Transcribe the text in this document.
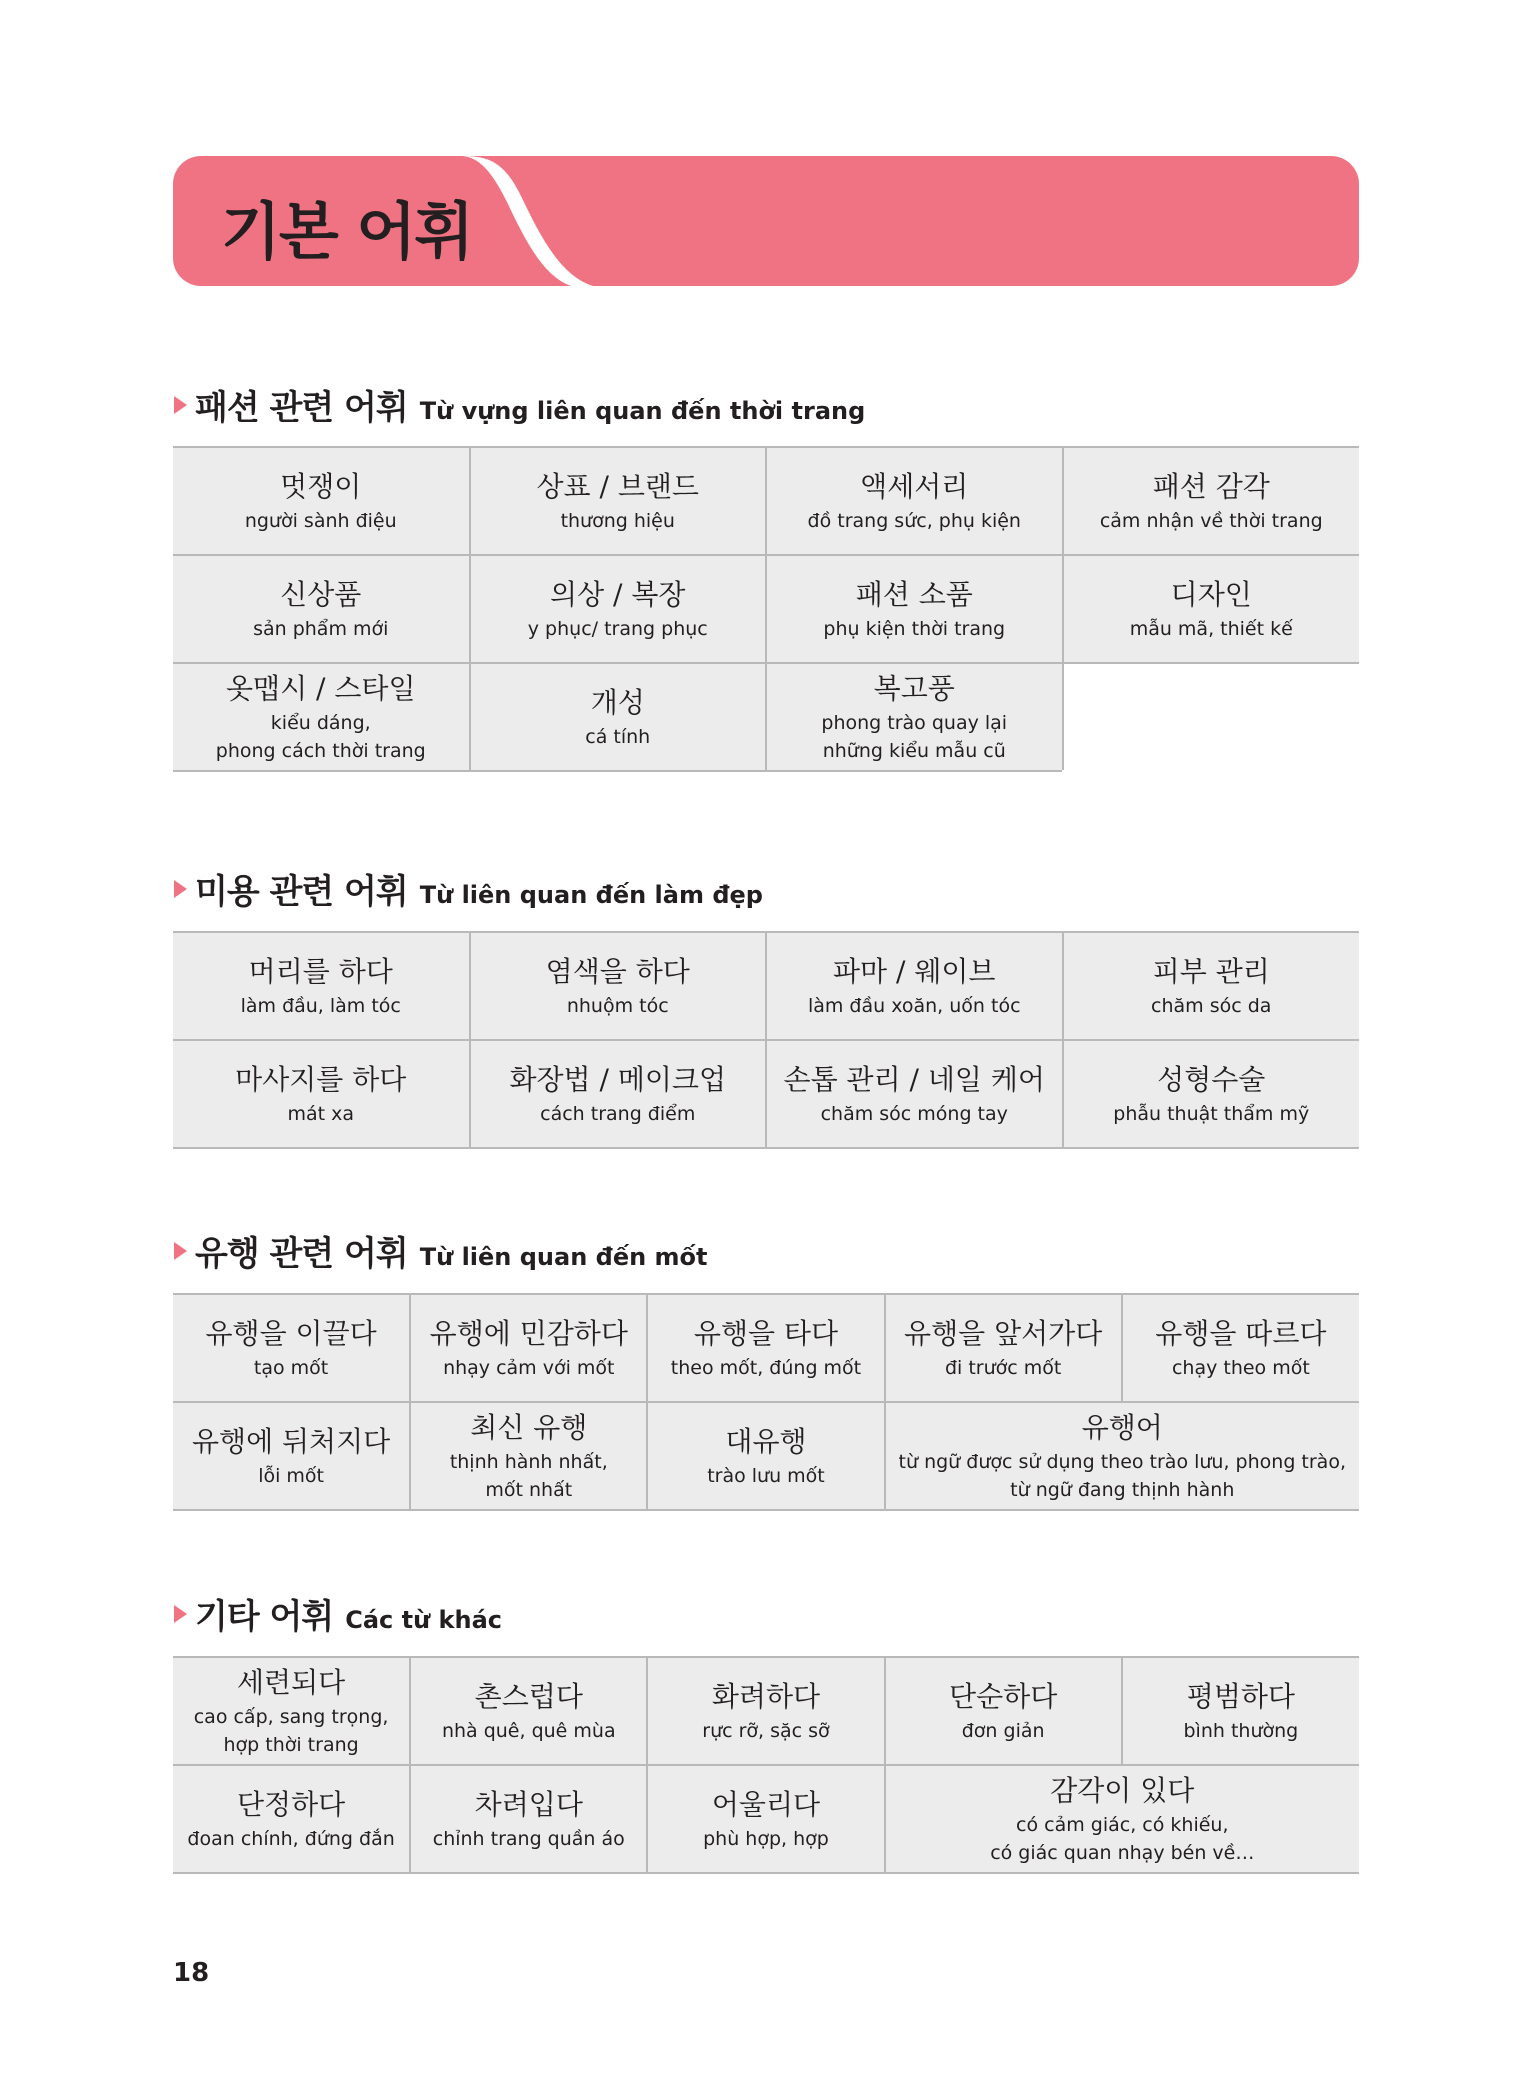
기본 어휘
패션 관련 어휘 Từ vựng liên quan đến thời trang
멋쟁이
người sành điệu	상표 / 브랜드
thương hiệu	액세서리
đồ trang sức, phụ kiện	패션 감각
cảm nhận về thời trang

신상품
sản phẩm mới	의상 / 복장
y phục/ trang phục	패션 소품
phụ kiện thời trang	디자인
mẫu mã, thiết kế

옷맵시 / 스타일
kiểu dáng,
phong cách thời trang	개성
cá tính	복고풍
phong trào quay lại
những kiểu mẫu cũ	

미용 관련 어휘 Từ liên quan đến làm đẹp
머리를 하다
làm đầu, làm tóc	염색을 하다
nhuộm tóc	파마 / 웨이브
làm đầu xoăn, uốn tóc	피부 관리
chăm sóc da

마사지를 하다
mát xa	화장법 / 메이크업
cách trang điểm	손톱 관리 / 네일 케어
chăm sóc móng tay	성형수술
phẫu thuật thẩm mỹ
유행 관련 어휘 Từ liên quan đến mốt
유행을 이끌다
tạo mốt	유행에 민감하다
nhạy cảm với mốt	유행을 타다
theo mốt, đúng mốt	유행을 앞서가다
đi trước mốt	유행을 따르다
chạy theo mốt

유행에 뒤처지다
lỗi mốt	최신 유행
thịnh hành nhất,
mốt nhất	대유행
trào lưu mốt	유행어
từ ngữ được sử dụng theo trào lưu, phong trào,
từ ngữ đang thịnh hành	
기타 어휘 Các từ khác
세련되다
cao cấp, sang trọng,
hợp thời trang	촌스럽다
nhà quê, quê mùa	화려하다
rực rỡ, sặc sỡ	단순하다
đơn giản	평범하다
bình thường

단정하다
đoan chính, đứng đắn	차려입다
chỉnh trang quần áo	어울리다
phù hợp, hợp	감각이 있다
có cảm giác, có khiếu,
có giác quan nhạy bén về…	
18
